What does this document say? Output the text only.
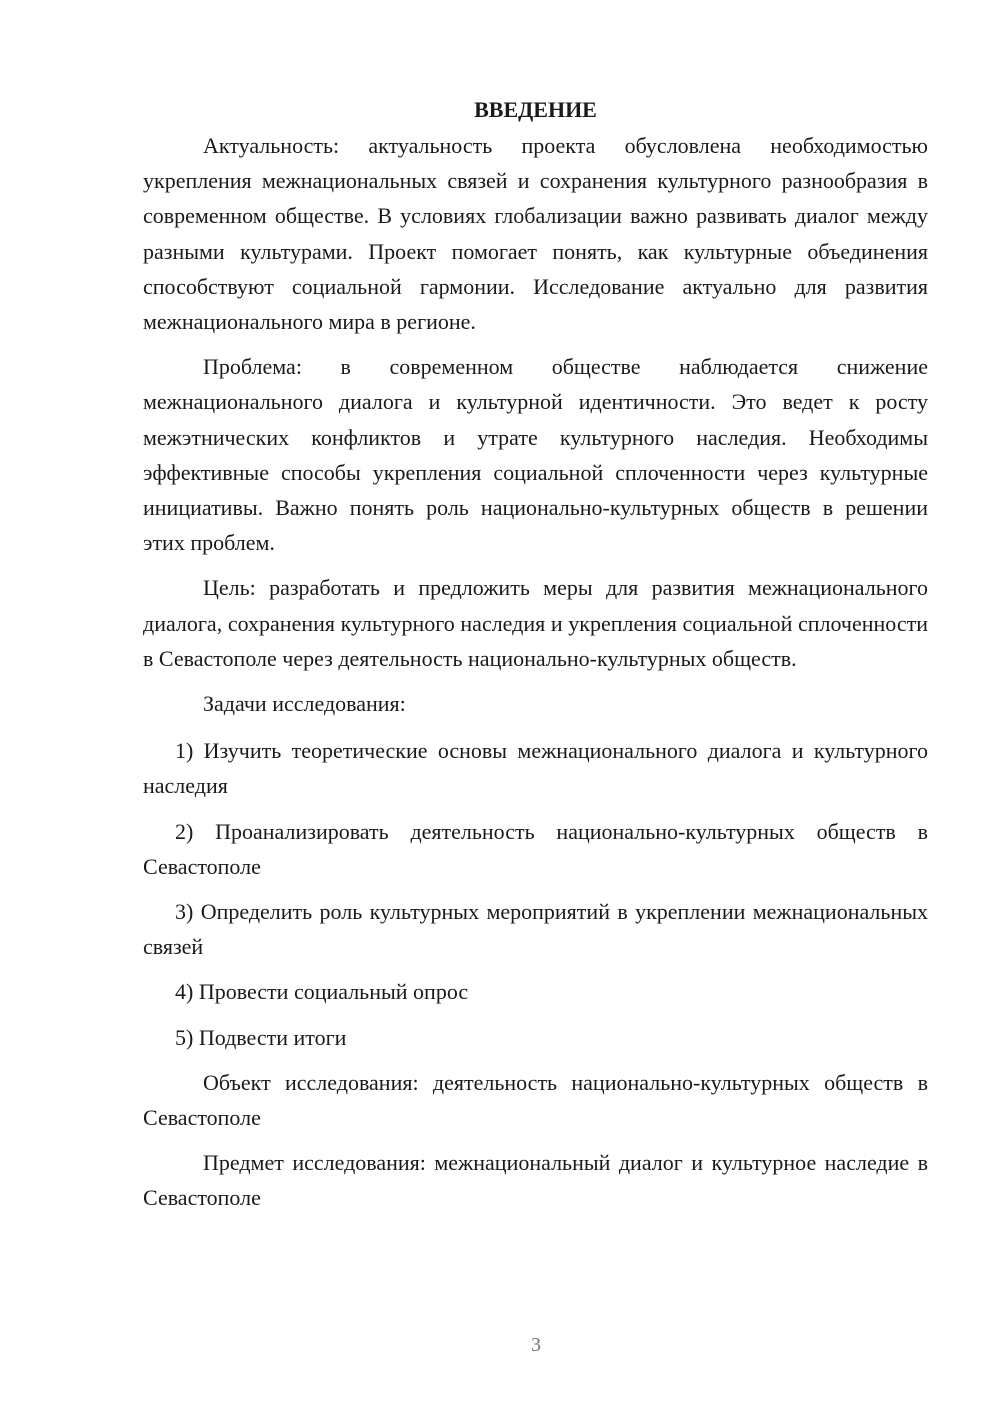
ВВЕДЕНИЕ

Актуальность: актуальность проекта обусловлена необходимостью укрепления межнациональных связей и сохранения культурного разнообразия в современном обществе. В условиях глобализации важно развивать диалог между разными культурами. Проект помогает понять, как культурные объединения способствуют социальной гармонии. Исследование актуально для развития межнационального мира в регионе.

Проблема: в современном обществе наблюдается снижение межнационального диалога и культурной идентичности. Это ведет к росту межэтнических конфликтов и утрате культурного наследия. Необходимы эффективные способы укрепления социальной сплоченности через культурные инициативы. Важно понять роль национально-культурных обществ в решении этих проблем.

Цель: разработать и предложить меры для развития межнационального диалога, сохранения культурного наследия и укрепления социальной сплоченности в Севастополе через деятельность национально-культурных обществ.

Задачи исследования:

1) Изучить теоретические основы межнационального диалога и культурного наследия

2) Проанализировать деятельность национально-культурных обществ в Севастополе

3) Определить роль культурных мероприятий в укреплении межнациональных связей

4) Провести социальный опрос

5) Подвести итоги

Объект исследования: деятельность национально-культурных обществ в Севастополе

Предмет исследования: межнациональный диалог и культурное наследие в Севастополе

3
